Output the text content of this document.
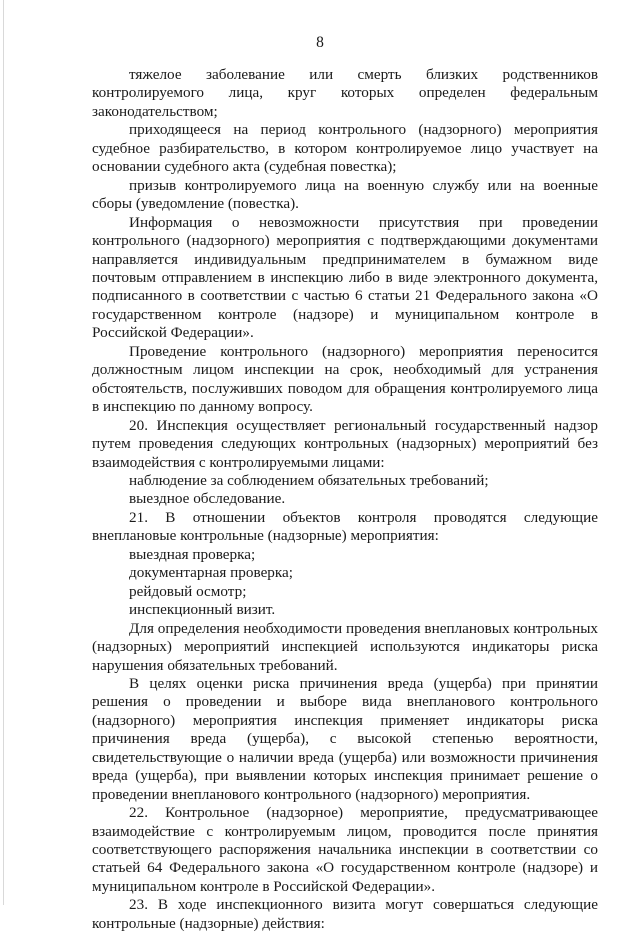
8

тяжелое заболевание или смерть близких родственников контролируемого лица, круг которых определен федеральным законодательством;

приходящееся на период контрольного (надзорного) мероприятия судебное разбирательство, в котором контролируемое лицо участвует на основании судебного акта (судебная повестка);

призыв контролируемого лица на военную службу или на военные сборы (уведомление (повестка).

Информация о невозможности присутствия при проведении контрольного (надзорного) мероприятия с подтверждающими документами направляется индивидуальным предпринимателем в бумажном виде почтовым отправлением в инспекцию либо в виде электронного документа, подписанного в соответствии с частью 6 статьи 21 Федерального закона «О государственном контроле (надзоре) и муниципальном контроле в Российской Федерации».

Проведение контрольного (надзорного) мероприятия переносится должностным лицом инспекции на срок, необходимый для устранения обстоятельств, послуживших поводом для обращения контролируемого лица в инспекцию по данному вопросу.

20. Инспекция осуществляет региональный государственный надзор путем проведения следующих контрольных (надзорных) мероприятий без взаимодействия с контролируемыми лицами:

наблюдение за соблюдением обязательных требований;

выездное обследование.

21. В отношении объектов контроля проводятся следующие внеплановые контрольные (надзорные) мероприятия:

выездная проверка;

документарная проверка;

рейдовый осмотр;

инспекционный визит.

Для определения необходимости проведения внеплановых контрольных (надзорных) мероприятий инспекцией используются индикаторы риска нарушения обязательных требований.

В целях оценки риска причинения вреда (ущерба) при принятии решения о проведении и выборе вида внепланового контрольного (надзорного) мероприятия инспекция применяет индикаторы риска причинения вреда (ущерба), с высокой степенью вероятности, свидетельствующие о наличии вреда (ущерба) или возможности причинения вреда (ущерба), при выявлении которых инспекция принимает решение о проведении внепланового контрольного (надзорного) мероприятия.

22. Контрольное (надзорное) мероприятие, предусматривающее взаимодействие с контролируемым лицом, проводится после принятия соответствующего распоряжения начальника инспекции в соответствии со статьей 64 Федерального закона «О государственном контроле (надзоре) и муниципальном контроле в Российской Федерации».

23. В ходе инспекционного визита могут совершаться следующие контрольные (надзорные) действия:
